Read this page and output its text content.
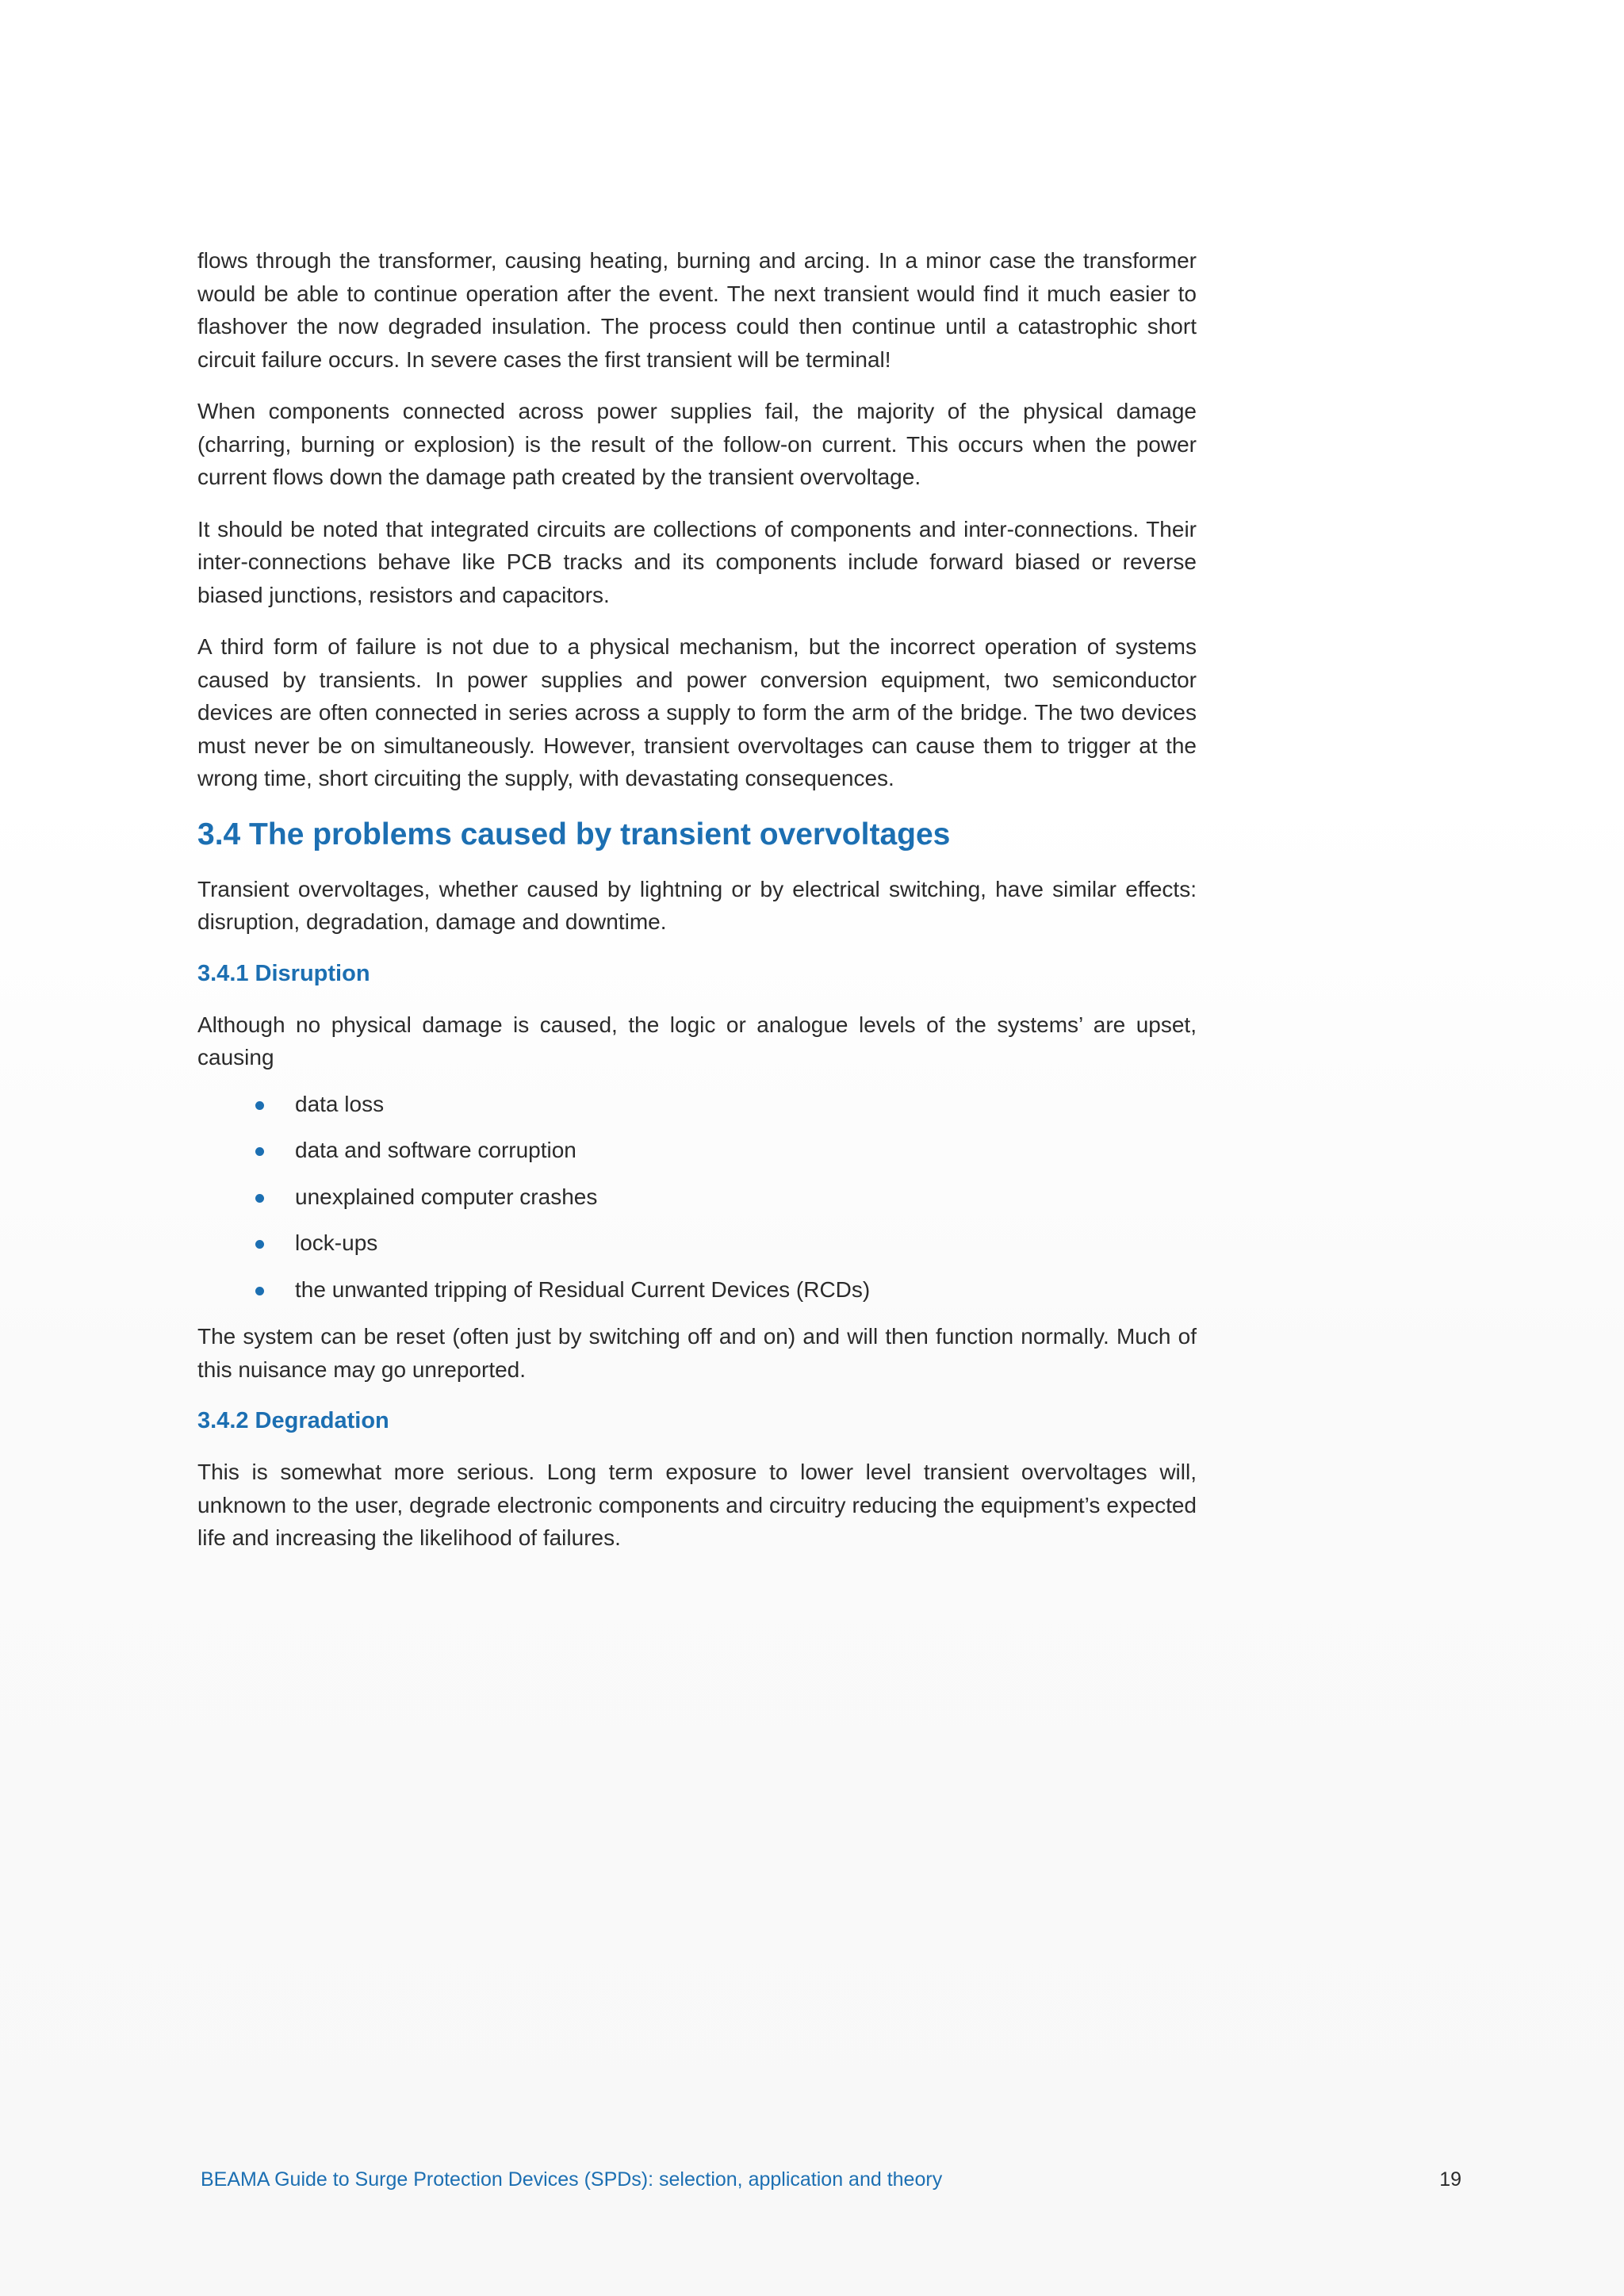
flows through the transformer, causing heating, burning and arcing. In a minor case the transformer would be able to continue operation after the event. The next transient would find it much easier to flashover the now degraded insulation. The process could then continue until a catastrophic short circuit failure occurs. In severe cases the first transient will be terminal!

When components connected across power supplies fail, the majority of the physical damage (charring, burning or explosion) is the result of the follow-on current. This occurs when the power current flows down the damage path created by the transient overvoltage.

It should be noted that integrated circuits are collections of components and inter-connections. Their inter-connections behave like PCB tracks and its components include forward biased or reverse biased junctions, resistors and capacitors.

A third form of failure is not due to a physical mechanism, but the incorrect operation of systems caused by transients. In power supplies and power conversion equipment, two semiconductor devices are often connected in series across a supply to form the arm of the bridge. The two devices must never be on simultaneously. However, transient overvoltages can cause them to trigger at the wrong time, short circuiting the supply, with devastating consequences.

3.4 The problems caused by transient overvoltages

Transient overvoltages, whether caused by lightning or by electrical switching, have similar effects: disruption, degradation, damage and downtime.

3.4.1 Disruption

Although no physical damage is caused, the logic or analogue levels of the systems’ are upset, causing

data loss
data and software corruption
unexplained computer crashes
lock-ups
the unwanted tripping of Residual Current Devices (RCDs)

The system can be reset (often just by switching off and on) and will then function normally. Much of this nuisance may go unreported.

3.4.2 Degradation

This is somewhat more serious. Long term exposure to lower level transient overvoltages will, unknown to the user, degrade electronic components and circuitry reducing the equipment’s expected life and increasing the likelihood of failures.

BEAMA Guide to Surge Protection Devices (SPDs): selection, application and theory	19
